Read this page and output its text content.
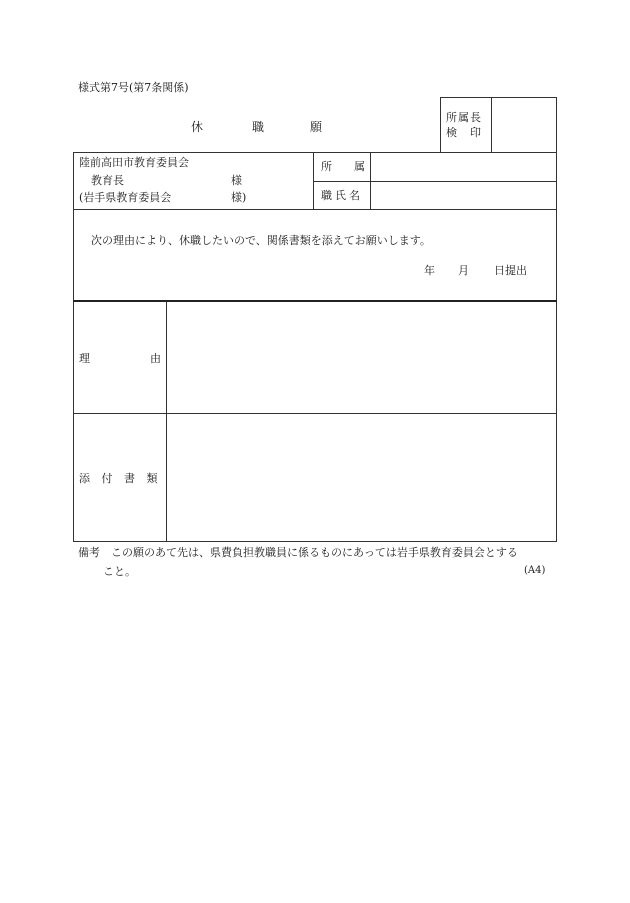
様式第7号(第7条関係)
休	職	願
所属長
検 印
陸前高田市教育委員会
教育長	様
(岩手県教育委員会	様)
所 属
職氏名
次の理由により、休職したいので、関係書類を添えてお願いします。
年 月 日提出
理	由
添 付 書 類
備考　この願のあて先は、県費負担教職員に係るものにあっては岩手県教育委員会とする
こと。	(A4)
